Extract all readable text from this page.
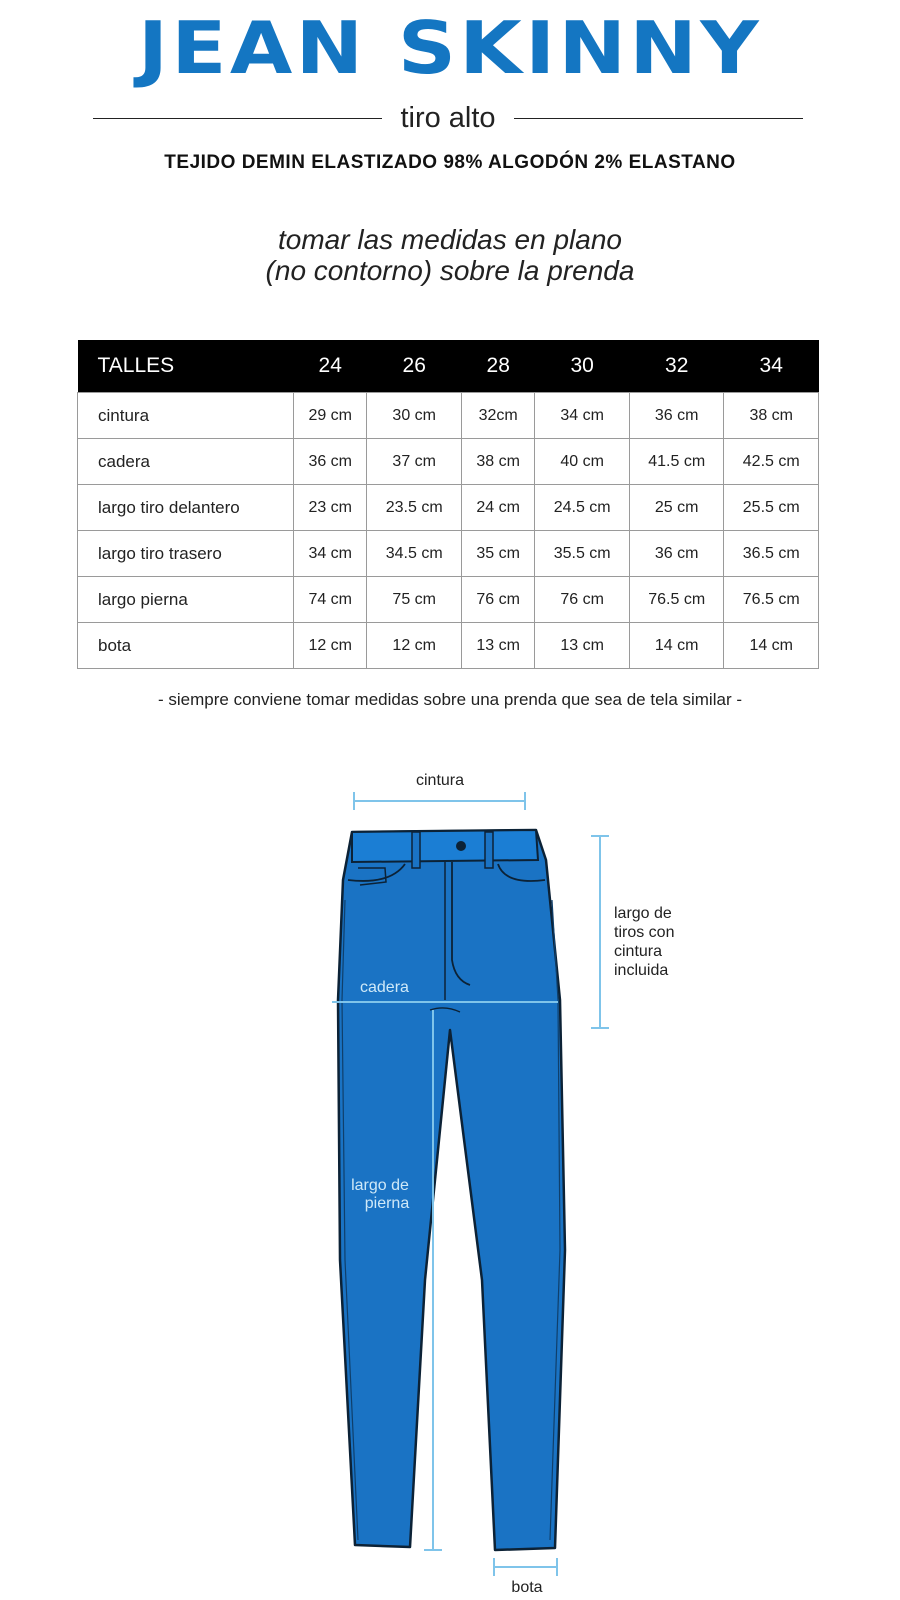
JEAN SKINNY
tiro alto
TEJIDO DEMIN ELASTIZADO 98% ALGODÓN 2% ELASTANO
tomar las medidas en plano
(no contorno) sobre la prenda
TALLES	24	26	28	30	32	34
cintura	29 cm	30 cm	32cm	34 cm	36 cm	38 cm
cadera	36 cm	37 cm	38 cm	40 cm	41.5 cm	42.5 cm
largo tiro delantero	23 cm	23.5 cm	24 cm	24.5 cm	25 cm	25.5 cm
largo tiro trasero	34 cm	34.5 cm	35 cm	35.5 cm	36 cm	36.5 cm
largo pierna	74 cm	75 cm	76 cm	76 cm	76.5 cm	76.5 cm
bota	12 cm	12 cm	13 cm	13 cm	14 cm	14 cm
- siempre conviene tomar medidas sobre una prenda que sea de tela similar -
cintura
cadera
largo de
pierna
largo de
tiros con
cintura
incluida
bota
